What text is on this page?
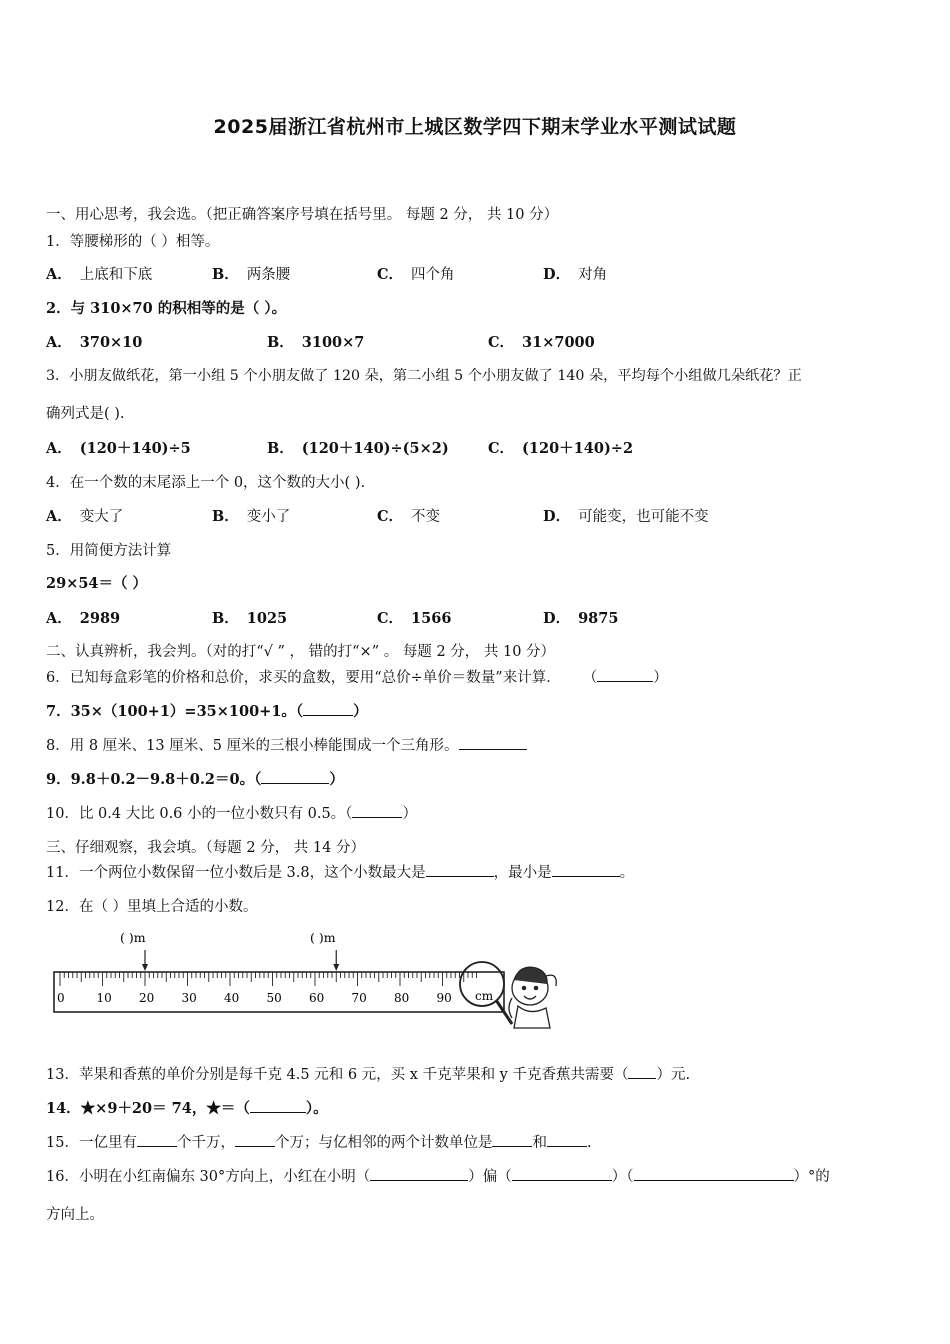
2025届浙江省杭州市上城区数学四下期末学业水平测试试题
一、用心思考，我会选。（把正确答案序号填在括号里。 每题 2 分， 共 10 分）
1．等腰梯形的（ ）相等。
A． 上底和下底	B． 两条腰	C． 四个角	D． 对角
2．与 310×70 的积相等的是（ ）。
A． 370×10	B． 3100×7	C． 31×7000
3．小朋友做纸花，第一小组 5 个小朋友做了 120 朵，第二小组 5 个小朋友做了 140 朵，平均每个小组做几朵纸花？正
确列式是( ).
A． (120＋140)÷5	B． (120＋140)÷(5×2)	C． (120＋140)÷2
4．在一个数的末尾添上一个 0，这个数的大小( ).
A． 变大了	B． 变小了	C． 不变	D． 可能变，也可能不变
5．用简便方法计算
29×54＝（ ）
A． 2989	B． 1025	C． 1566	D． 9875
二、认真辨析，我会判。（对的打“√ ” ， 错的打“×” 。 每题 2 分， 共 10 分）
6．已知每盒彩笔的价格和总价，求买的盒数，要用“总价÷单价＝数量”来计算． （	）
7．35×（100+1）=35×100+1。（	）
8．用 8 厘米、13 厘米、5 厘米的三根小棒能围成一个三角形。
9．9.8＋0.2－9.8＋0.2＝0。（	）
10．比 0.4 大比 0.6 小的一位小数只有 0.5。（	）
三、仔细观察，我会填。（每题 2 分， 共 14 分）
11．一个两位小数保留一位小数后是 3.8，这个小数最大是	，最小是	。
12．在（ ）里填上合适的小数。
( )m	( )m
0	10 20 30 40 50 60 70 80 90 cm
13．苹果和香蕉的单价分别是每千克 4.5 元和 6 元，买 x 千克苹果和 y 千克香蕉共需要（ ）元.
14．★×9＋20＝ 74，★＝（	）。
15．一亿里有	个千万，	个万；与亿相邻的两个计数单位是	和	.
16．小明在小红南偏东 30°方向上，小红在小明（	）偏（	）（	）°的
方向上。
